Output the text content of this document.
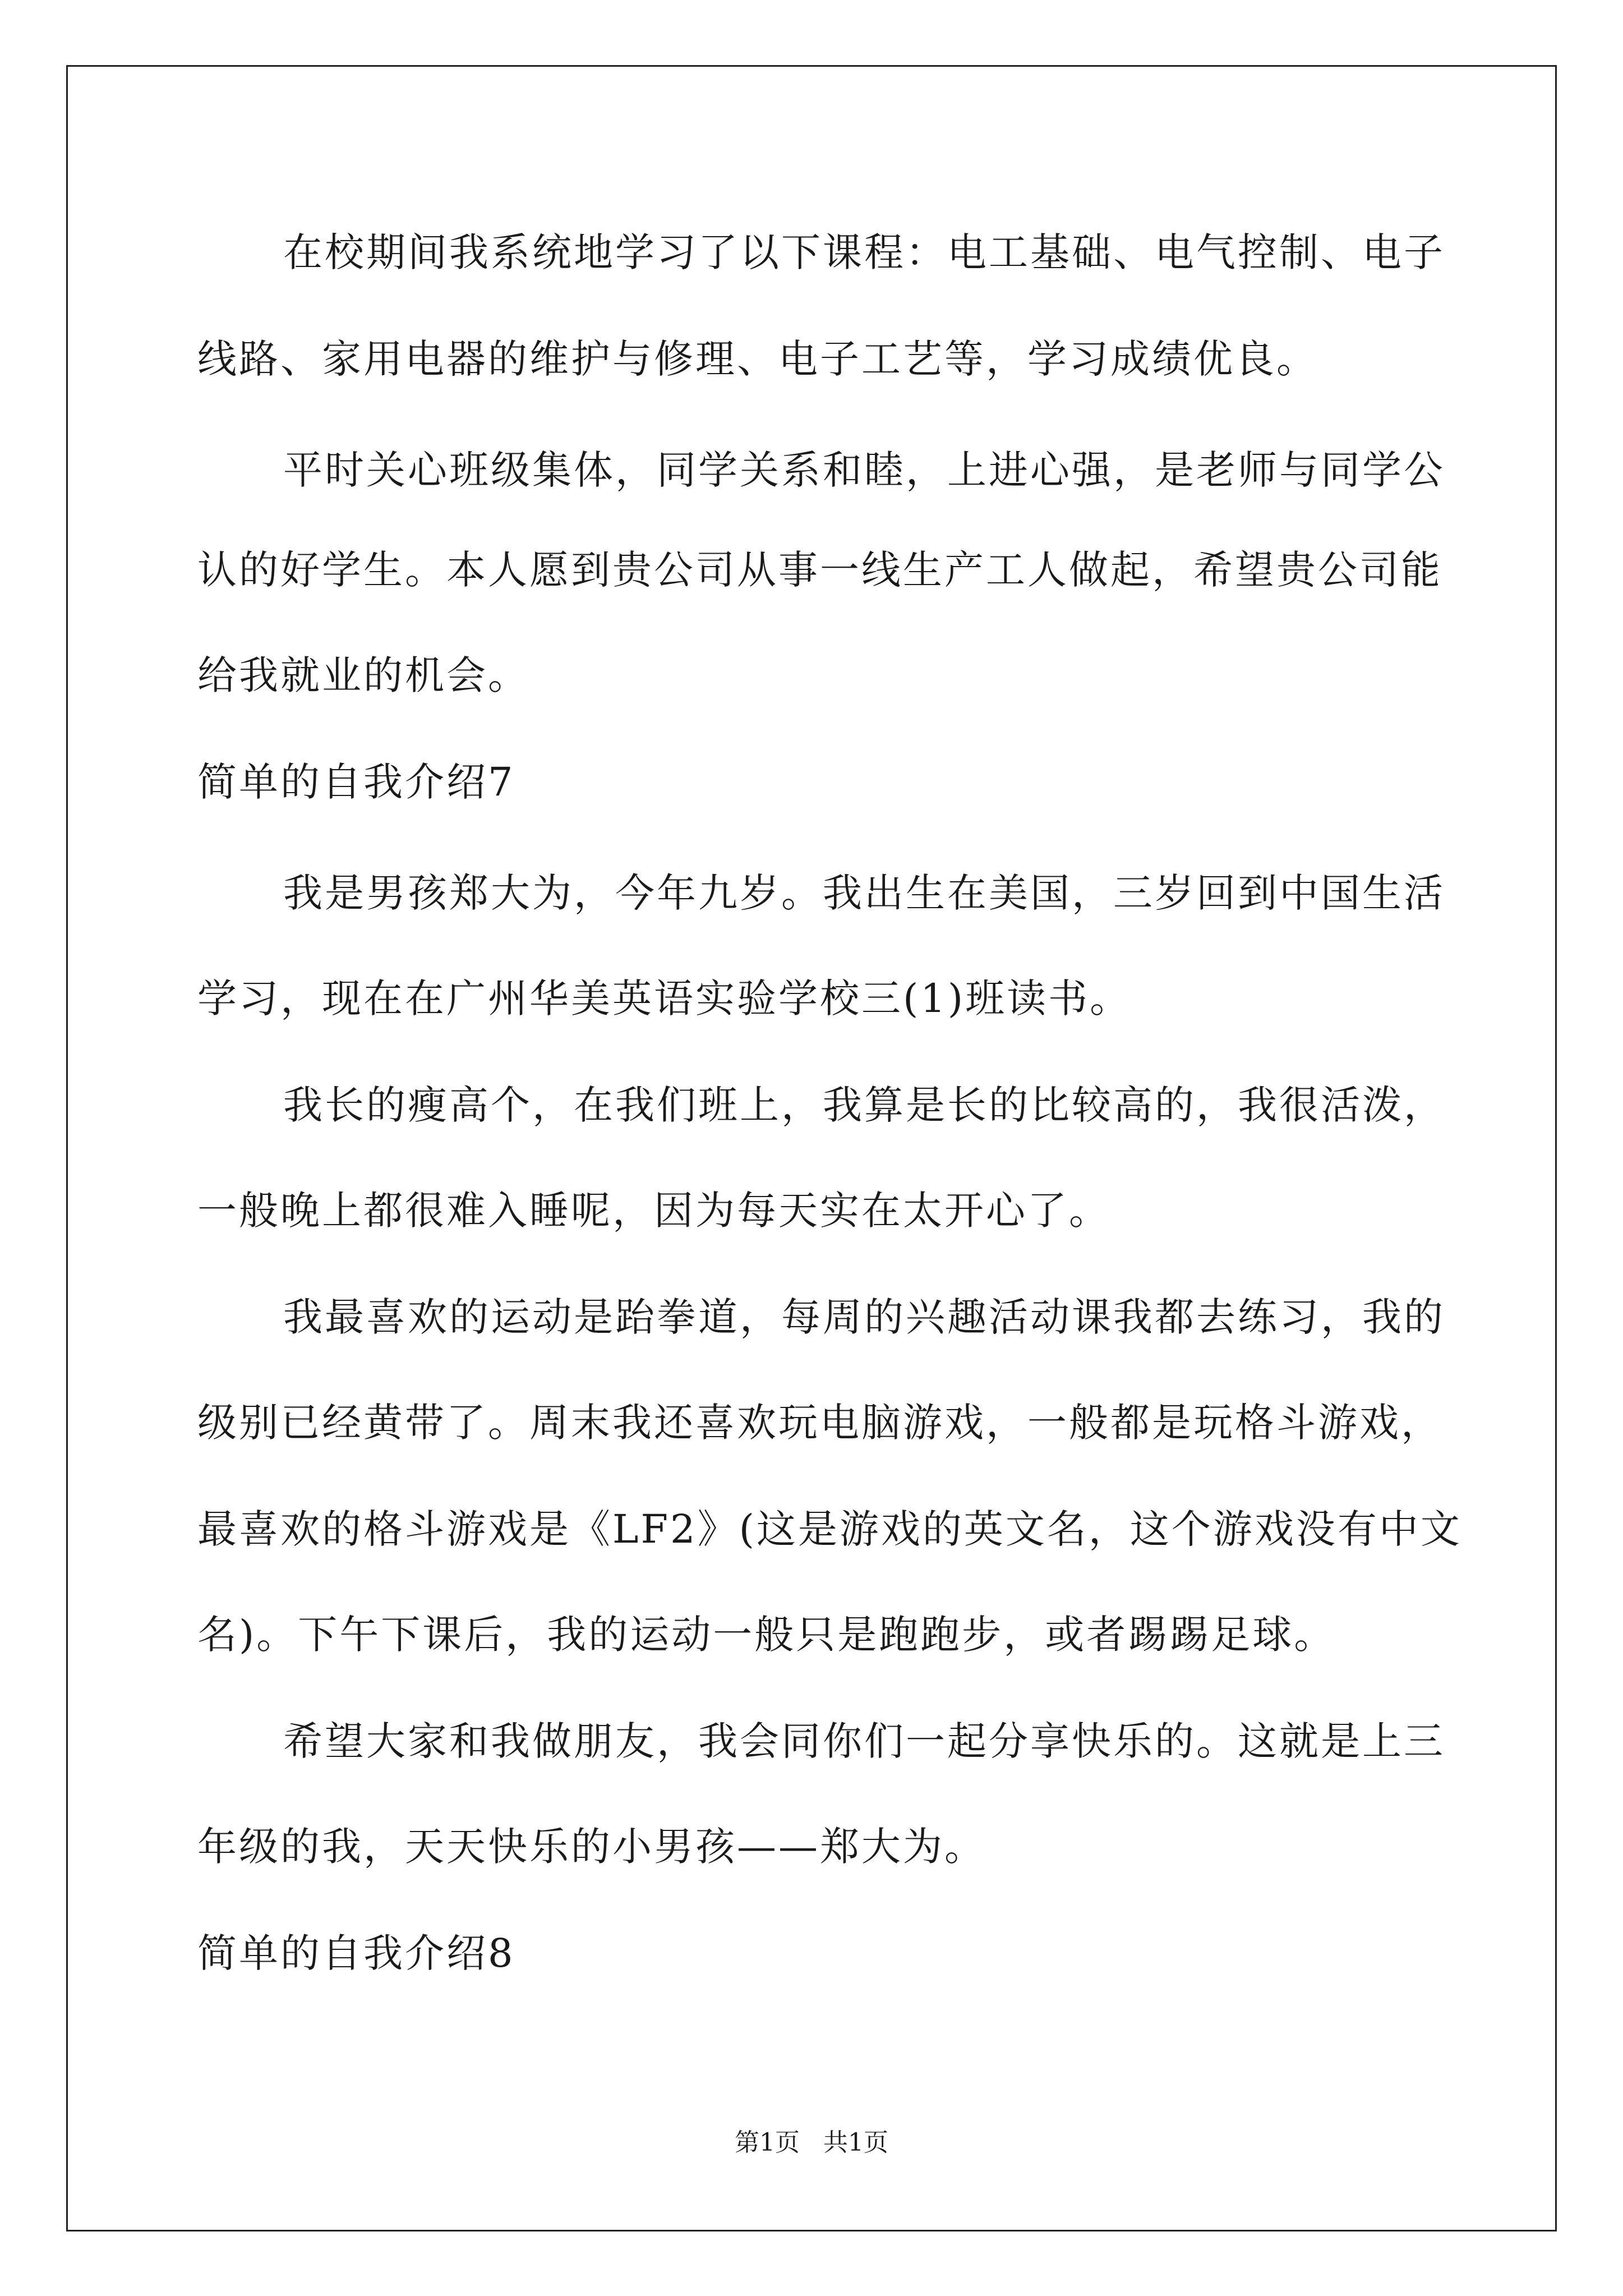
在校期间我系统地学习了以下课程：电工基础、电气控制、电子
线路、家用电器的维护与修理、电子工艺等，学习成绩优良。
平时关心班级集体，同学关系和睦，上进心强，是老师与同学公
认的好学生。本人愿到贵公司从事一线生产工人做起，希望贵公司能
给我就业的机会。
简单的自我介绍7
我是男孩郑大为，今年九岁。我出生在美国，三岁回到中国生活
学习，现在在广州华美英语实验学校三(1)班读书。
我长的瘦高个，在我们班上，我算是长的比较高的，我很活泼，
一般晚上都很难入睡呢，因为每天实在太开心了。
我最喜欢的运动是跆拳道，每周的兴趣活动课我都去练习，我的
级别已经黄带了。周末我还喜欢玩电脑游戏，一般都是玩格斗游戏，
最喜欢的格斗游戏是《LF2》(这是游戏的英文名，这个游戏没有中文
名)。下午下课后，我的运动一般只是跑跑步，或者踢踢足球。
希望大家和我做朋友，我会同你们一起分享快乐的。这就是上三
年级的我，天天快乐的小男孩——郑大为。
简单的自我介绍8
第1页   共1页
